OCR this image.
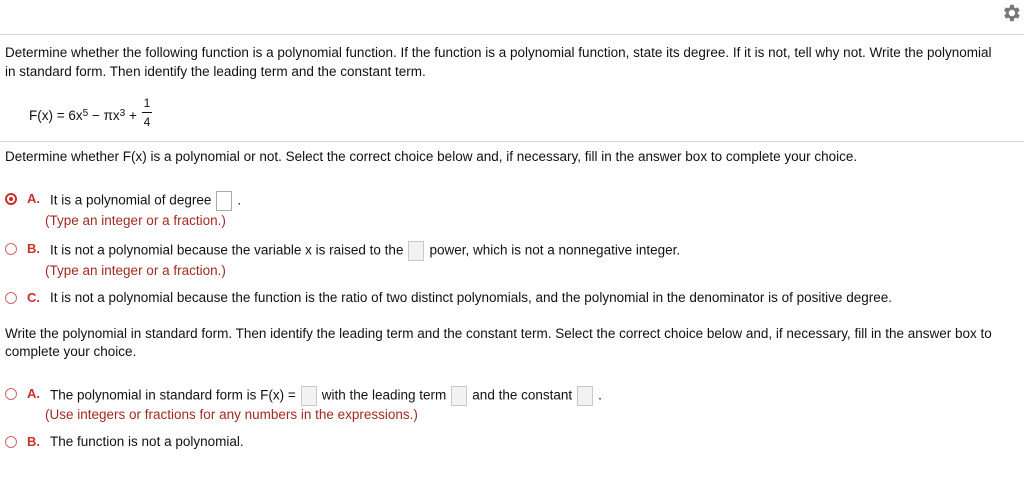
Determine whether the following function is a polynomial function. If the function is a polynomial function, state its degree. If it is not, tell why not. Write the polynomial
in standard form. Then identify the leading term and the constant term.
$F(x) = 6x^5 - \pi x^3$ +
1
4
Determine whether F(x) is a polynomial or not. Select the correct choice below and, if necessary, fill in the answer box to complete your choice.
A. It is a polynomial of degree .
(Type an integer or a fraction.)
B. It is not a polynomial because the variable x is raised to the power, which is not a nonnegative integer.
(Type an integer or a fraction.)
C. It is not a polynomial because the function is the ratio of two distinct polynomials, and the polynomial in the denominator is of positive degree.
Write the polynomial in standard form. Then identify the leading term and the constant term. Select the correct choice below and, if necessary, fill in the answer box to
complete your choice.
A. The polynomial in standard form is F(x) = with the leading term and the constant .
(Use integers or fractions for any numbers in the expressions.)
B. The function is not a polynomial.
